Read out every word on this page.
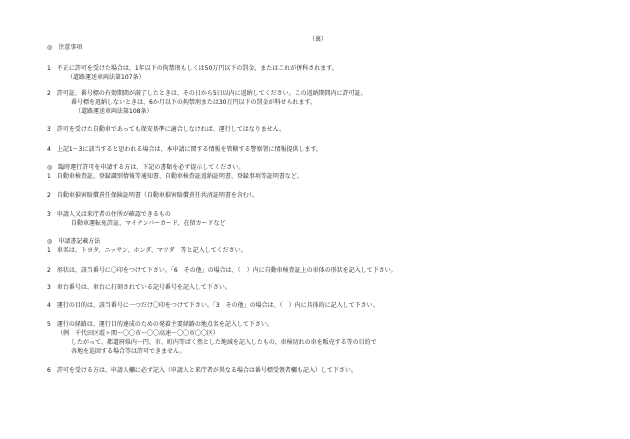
（裏）
◎　注意事項
1　不正に許可を受けた場合は、1年以下の拘禁刑もしくは50万円以下の罰金、またはこれが併科されます。
（道路運送車両法第107条）
2　許可証、番号標の有効期間が満了したときは、その日から5日以内に返納してください。この返納期間内に許可証、
番号標を返納しないときは、6か月以下の拘禁刑または30万円以下の罰金が科せられます。
（道路運送車両法第108条）
3　許可を受けた自動車であっても保安基準に適合しなければ、運行してはなりません。
4　上記1～3に該当すると思われる場合は、本申請に関する情報を管轄する警察署に情報提供します。
◎　臨時運行許可を申請する方は、下記の書類を必ず提示してください。
1　自動車検査証、登録識別情報等通知書、自動車検査証返納証明書、登録事項等証明書など。
2　自動車損害賠償責任保険証明書（自動車損害賠償責任共済証明書を含む）。
3　申請人又は来庁者の住所が確認できるもの
自動車運転免許証、マイナンバーカード、在留カードなど
◎　申請書記載方法
1　車名は、トヨタ、ニッサン、ホンダ、マツダ　等と記入してください。
2　形状は、該当番号に〇印をつけて下さい。「6　その他」の場合は、（　）内に自動車検査証上の車体の形状を記入して下さい。
3　車台番号は、車台に打刻されている記号番号を記入して下さい。
4　運行の目的は、該当番号に一つだけ〇印をつけて下さい。「3　その他」の場合は、（　）内に具体的に記入して下さい。
5　運行の経路は、運行目的達成のための発着主要経路の地点名を記入して下さい。
（例　千代田区霞ヶ関～〇〇市～〇〇高速～〇〇市〇〇区）
したがって、都道府県内一円、市、町内等ばく然とした地域を記入したもの、車検切れの車を販売する等の目的で
各地を巡回する場合等は許可できません。
6　許可を受ける方は、申請人欄に必ず記入（申請人と来庁者が異なる場合は番号標受領者欄も記入）して下さい。
